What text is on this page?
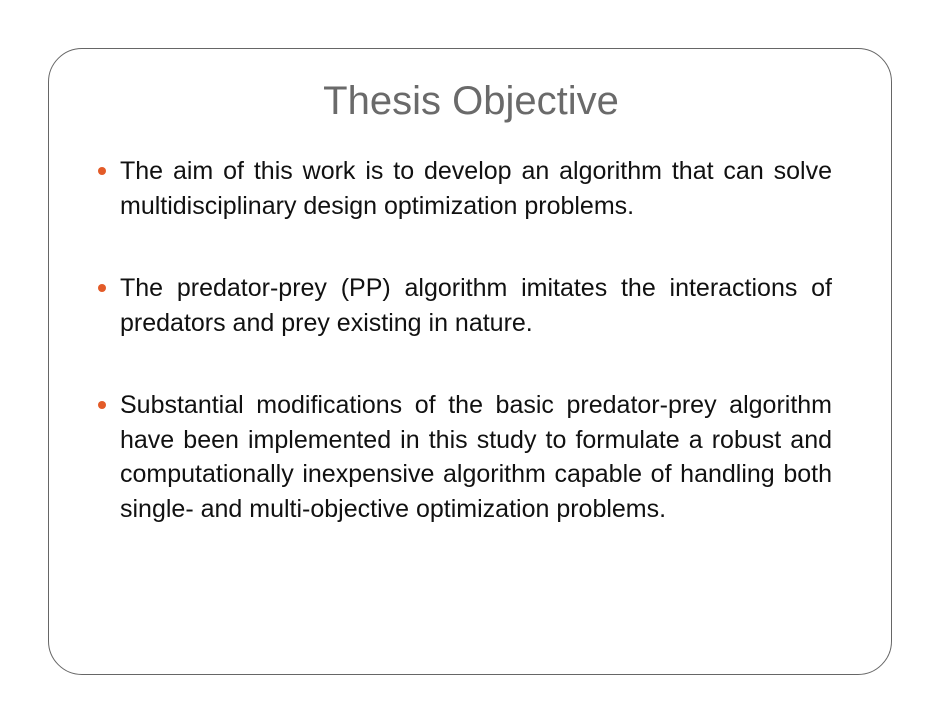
Thesis Objective
The aim of this work is to develop an algorithm that can solve multidisciplinary design optimization problems.
The predator-prey (PP) algorithm imitates the interactions of predators and prey existing in nature.
Substantial modifications of the basic predator-prey algorithm have been implemented in this study to formulate a robust and computationally inexpensive algorithm capable of handling both single- and multi-objective optimization problems.
